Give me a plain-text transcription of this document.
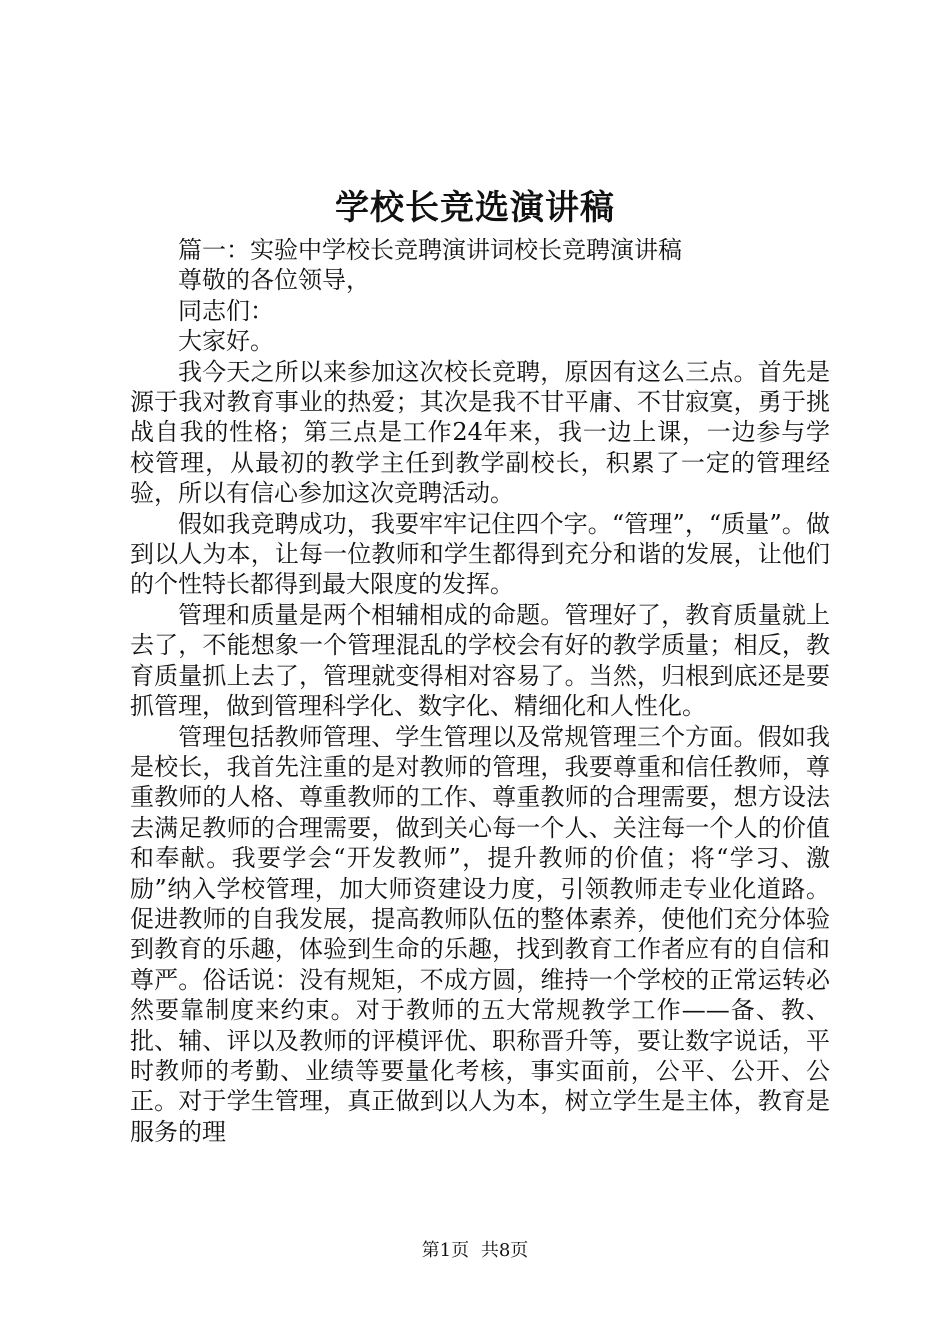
学校长竞选演讲稿

篇一：实验中学校长竞聘演讲词校长竞聘演讲稿

尊敬的各位领导，

同志们：

大家好。

我今天之所以来参加这次校长竞聘，原因有这么三点。首先是源于我对教育事业的热爱；其次是我不甘平庸、不甘寂寞，勇于挑战自我的性格；第三点是工作24年来，我一边上课，一边参与学校管理，从最初的教学主任到教学副校长，积累了一定的管理经验，所以有信心参加这次竞聘活动。

假如我竞聘成功，我要牢牢记住四个字。“管理”，“质量”。做到以人为本，让每一位教师和学生都得到充分和谐的发展，让他们的个性特长都得到最大限度的发挥。

管理和质量是两个相辅相成的命题。管理好了，教育质量就上去了，不能想象一个管理混乱的学校会有好的教学质量；相反，教育质量抓上去了，管理就变得相对容易了。当然，归根到底还是要抓管理，做到管理科学化、数字化、精细化和人性化。

管理包括教师管理、学生管理以及常规管理三个方面。假如我是校长，我首先注重的是对教师的管理，我要尊重和信任教师，尊重教师的人格、尊重教师的工作、尊重教师的合理需要，想方设法去满足教师的合理需要，做到关心每一个人、关注每一个人的价值和奉献。我要学会“开发教师”，提升教师的价值；将“学习、激励”纳入学校管理，加大师资建设力度，引领教师走专业化道路。促进教师的自我发展，提高教师队伍的整体素养，使他们充分体验到教育的乐趣，体验到生命的乐趣，找到教育工作者应有的自信和尊严。俗话说：没有规矩，不成方圆，维持一个学校的正常运转必然要靠制度来约束。对于教师的五大常规教学工作——备、教、批、辅、评以及教师的评模评优、职称晋升等，要让数字说话，平时教师的考勤、业绩等要量化考核，事实面前，公平、公开、公正。对于学生管理，真正做到以人为本，树立学生是主体，教育是服务的理

第1页 共8页
